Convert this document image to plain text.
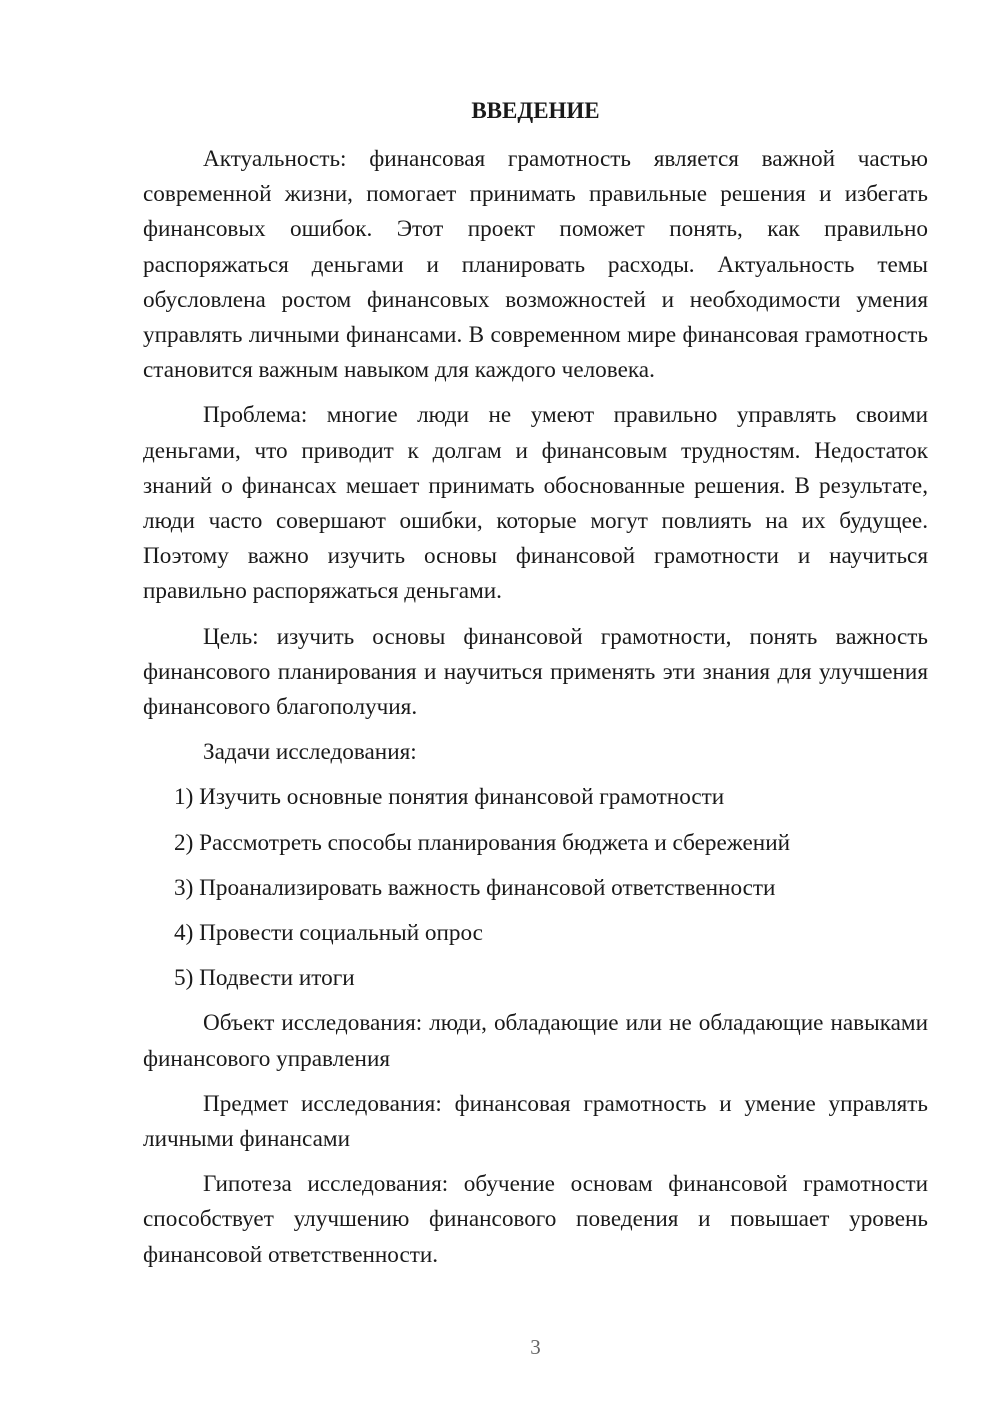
ВВЕДЕНИЕ

Актуальность: финансовая грамотность является важной частью современной жизни, помогает принимать правильные решения и избегать финансовых ошибок. Этот проект поможет понять, как правильно распоряжаться деньгами и планировать расходы. Актуальность темы обусловлена ростом финансовых возможностей и необходимости умения управлять личными финансами. В современном мире финансовая грамотность становится важным навыком для каждого человека.

Проблема: многие люди не умеют правильно управлять своими деньгами, что приводит к долгам и финансовым трудностям. Недостаток знаний о финансах мешает принимать обоснованные решения. В результате, люди часто совершают ошибки, которые могут повлиять на их будущее. Поэтому важно изучить основы финансовой грамотности и научиться правильно распоряжаться деньгами.

Цель: изучить основы финансовой грамотности, понять важность финансового планирования и научиться применять эти знания для улучшения финансового благополучия.

Задачи исследования:
1) Изучить основные понятия финансовой грамотности
2) Рассмотреть способы планирования бюджета и сбережений
3) Проанализировать важность финансовой ответственности
4) Провести социальный опрос
5) Подвести итоги

Объект исследования: люди, обладающие или не обладающие навыками финансового управления

Предмет исследования: финансовая грамотность и умение управлять личными финансами

Гипотеза исследования: обучение основам финансовой грамотности способствует улучшению финансового поведения и повышает уровень финансовой ответственности.

3
